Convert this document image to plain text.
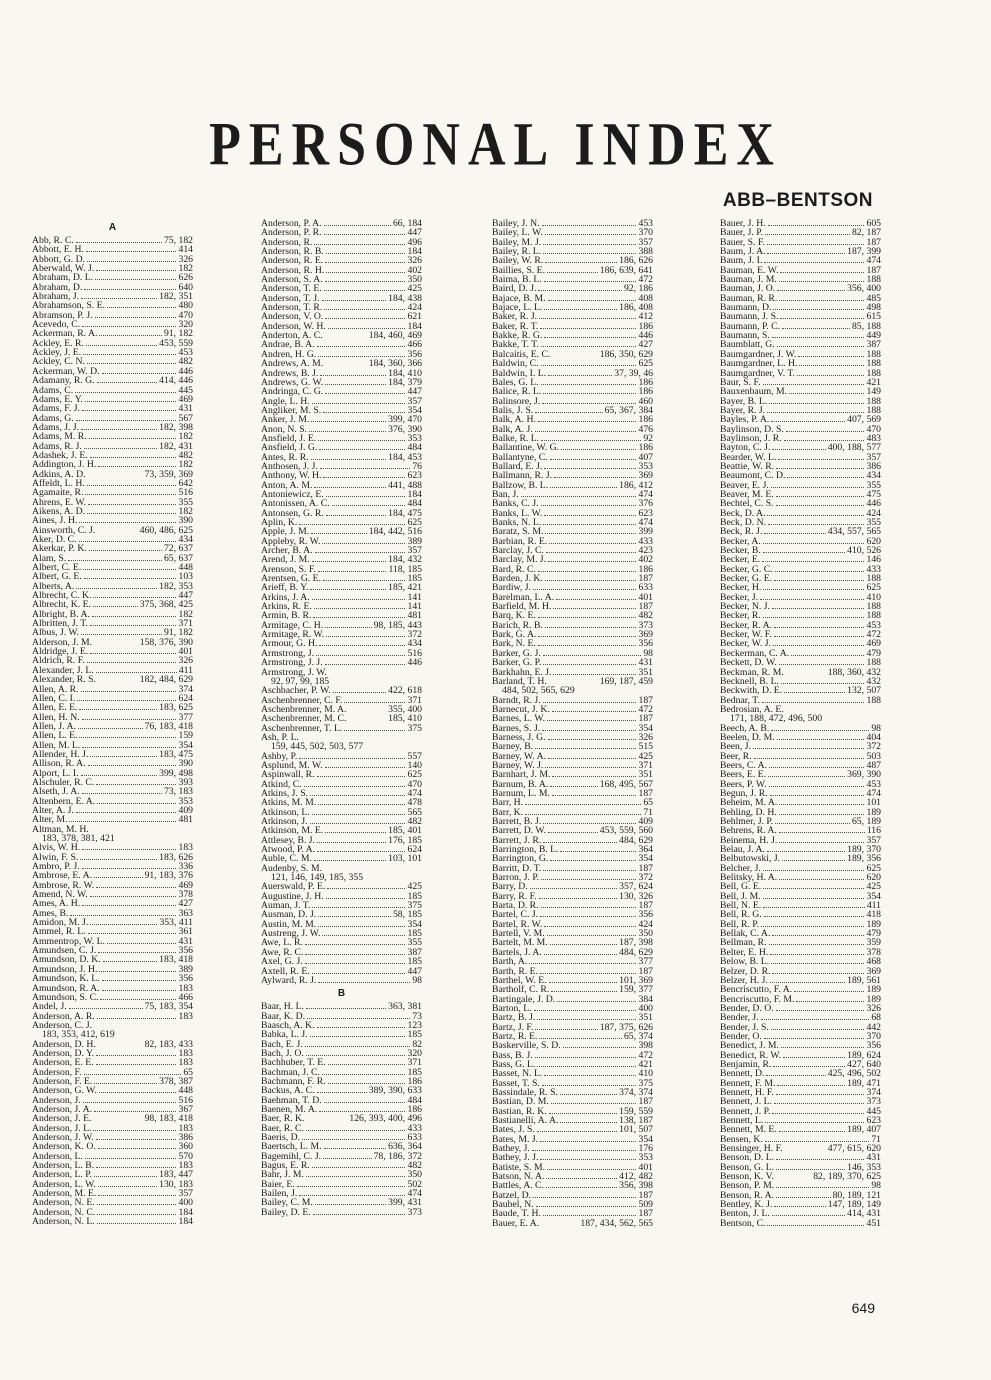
PERSONAL INDEX
ABB–BENTSON
A
Abb, R. C.	75, 182
Abbott, E. H.	414
Abbott, G. D.	326
Aberwald, W. J.	182
Abraham, D. L.	626
Abraham, D.	640
Abraham, J.	182, 351
Abrahamson, S. E.	480
Abramson, P. J.	470
Acevedo, C.	320
Ackerman, R. A.	91, 182
Ackley, E. R.	453, 559
Ackley, J. E.	453
Ackley, C. N.	482
Ackerman, W. D.	446
Adamany, R. G.	414, 446
Adams, C.	445
Adams, E. Y.	469
Adams, F. J.	431
Adams, G.	567
Adams, J. J.	182, 398
Adams, M. R.	182
Adams, R. J.	182, 431
Adashek, J. E.	482
Addington, J. H.	182
Adkins, A. D.	73, 359, 369
Affeldt, L. H.	642
Agamaite, R.	516
Ahrens, E. W.	355
Aikens, A. D.	182
Aines, J. H.	390
Ainsworth, C. J.	460, 486, 625
Aker, D. C.	434
Akerkar, P. K.	72, 637
Alam, S.	65, 637
Albert, C. E.	448
Albert, G. E.	103
Alberts, A.	182, 353
Albrecht, C. K.	447
Albrecht, K. E.	375, 368, 425
Albright, B. A.	182
Albritten, J. T.	371
Albus, J. W.	91, 182
Alderson, J. M.	158, 376, 390
Aldridge, J. E.	401
Aldrich, R. F.	326
Alexander, J. L.	411
Alexander, R. S.	182, 484, 629
Allen, A. R.	374
Allen, C. I.	624
Allen, E. E.	183, 625
Allen, H. N.	377
Allen, J. A.	76, 183, 418
Allen, L. E.	159
Allen, M. L.	354
Allender, H. J.	183, 475
Allison, R. A.	390
Alport, L. I.	399, 498
Alschuler, R. C.	393
Alseth, J. A.	73, 183
Altenbern, E. A.	353
Alter, A. J.	409
Alter, M.	481
Altman, M. H.
183, 378, 381, 421
Alvis, W. H.	183
Alwin, F. S.	183, 626
Ambro, P. J.	336
Ambrose, E. A.	91, 183, 376
Ambrose, R. W.	469
Amend, N. W.	378
Ames, A. H.	427
Ames, B.	363
Amidon, M. J.	353, 411
Ammel, R. L.	361
Ammentrop, W. L.	431
Amundsen, C. J.	356
Amundson, D. K.	183, 418
Amundson, J. H.	389
Amundson, K. L.	356
Amundson, R. A.	183
Amundson, S. C.	466
Andel, J.	75, 183, 354
Anderson, A. R.	183
Anderson, C. J.
183, 353, 412, 619
Anderson, D. H.	82, 183, 433
Anderson, D. Y.	183
Anderson, E. E.	183
Anderson, F.	65
Anderson, F. E.	378, 387
Anderson, G. W.	448
Anderson, J.	516
Anderson, J. A.	367
Anderson, J. E.	98, 183, 418
Anderson, J. L.	183
Anderson, J. W.	386
Anderson, K. O.	360
Anderson, L.	570
Anderson, L. B.	183
Anderson, L. P.	183, 447
Anderson, L. W.	130, 183
Anderson, M. E.	357
Anderson, N. E.	400
Anderson, N. C.	184
Anderson, N. L.	184
Anderson, P. A.	66, 184
Anderson, P. R.	447
Anderson, R.	496
Anderson, R. B.	184
Anderson, R. E.	326
Anderson, R. H.	402
Anderson, S. A.	350
Anderson, T. E.	425
Anderson, T. J.	184, 438
Anderson, T. R.	424
Anderson, V. O.	621
Anderson, W. H.	184
Anderton, A. C.	184, 460, 469
Andrae, B. A.	466
Andren, H. G.	356
Andrews, A. M.	184, 360, 366
Andrews, B. J.	184, 410
Andrews, G. W.	184, 379
Andringa, C. G.	447
Angle, L. H.	357
Angliker, M. S.	354
Anker, J. M.	399, 470
Anon, N. S.	376, 390
Ansfield, J. E.	353
Ansfield, J. G.	484
Antes, R. R.	184, 453
Anthosen, J. J.	76
Anthony, W. H.	623
Anton, A. M.	441, 488
Antoniewicz, E.	184
Antonissen, A. C.	484
Antonsen, G. R.	184, 475
Aplin, K.	625
Apple, J. M.	184, 442, 516
Appleby, R. W.	389
Archer, B. A.	357
Arend, J. M.	184, 432
Arenson, S. F.	118, 185
Arentsen, G. E.	185
Arieff, B. Y.	185, 421
Arkins, J. A.	141
Arkins, R. E.	141
Armin, B. R.	481
Armitage, C. H.	98, 185, 443
Armitage, R. W.	372
Armour, G. H.	434
Armstrong, J.	516
Armstrong, J. J.	446
Armstrong, J. W.
92, 97, 99, 185
Aschbacher, P. W.	422, 618
Aschenbrenner, C. F.	371
Aschenbrenner, M. A.	355, 400
Aschenbrenner, M. C.	185, 410
Aschenbrenner, T. L.	375
Ash, P. L.
159, 445, 502, 503, 577
Ashby, P.	557
Asplund, M. W.	140
Aspinwall, R.	625
Atkind, C.	470
Atkins, J. S.	474
Atkins, M. M.	478
Atkinson, L.	565
Atkinson, J.	482
Atkinson, M. E.	185, 401
Attlesey, B. J.	176, 185
Atwood, P. A.	624
Auble, C. M.	103, 101
Audenby, S. M.
121, 146, 149, 185, 355
Auerswald, P. E.	425
Augustine, J. H.	185
Auman, J. T.	375
Ausman, D. J.	58, 185
Austin, M. M.	354
Austreng, J. W.	185
Awe, L. R.	355
Awe, R. C.	387
Axel, G. J.	185
Axtell, R. E.	447
Aylward, R. J.	98
B
Baar, H. L.	363, 381
Baar, K. D.	73
Baasch, A. K.	123
Babka, L. J.	185
Bach, E. J.	82
Bach, J. O.	320
Bachhuber, T. E.	371
Bachman, J. C.	185
Bachmann, F. R.	186
Backus, A. C.	389, 390, 633
Baehman, T. D.	484
Baenen, M. A.	186
Baer, R. K.	126, 393, 400, 496
Baer, R. C.	433
Baeris, D.	633
Baertsch, L. M.	636, 364
Bagemihl, C. J.	78, 186, 372
Bagus, E. R.	482
Bahr, J. M.	350
Baier, E.	502
Bailen, J.	474
Bailey, C. M.	399, 431
Bailey, D. E.	373
Bailey, J. N.	453
Bailey, L. W.	370
Bailey, M. J.	357
Bailey, R. L.	388
Bailey, W. R.	186, 626
Baillies, S. E.	186, 639, 641
Baima, B. L.	472
Baird, D. J.	92, 186
Bajace, B. M.	408
Bajace, L. L.	186, 408
Baker, R. J.	412
Baker, R. T.	186
Bakke, R. G.	446
Bakke, T. T.	427
Balcaitis, E. C.	186, 350, 629
Baldwin, C.	625
Baldwin, I. L.	37, 39, 46
Bales, G. L.	186
Balice, R. L.	186
Balinsore, J.	460
Balis, J. S.	65, 367, 384
Balk, A. H.	186
Balk, A. J.	476
Balke, R. L.	92
Ballantine, W. G.	186
Ballantyne, C.	407
Ballard, E. J.	353
Ballmann, R. J.	369
Ballzow, B. L.	186, 412
Ban, J.	474
Banks, C. J.	376
Banks, L. W.	623
Banks, N. L.	474
Baratz, S. M.	399
Barbian, R. E.	433
Barclay, J. C.	423
Barclay, M. J.	402
Bard, R. C.	186
Barden, J. K.	187
Bardiw, J.	633
Barelman, L. A.	401
Barfield, M. H.	187
Barq, K. E.	482
Barich, R. B.	373
Bark, G. A.	369
Bark, N. E.	356
Barker, G. J.	98
Barker, G. P.	431
Barkhahn, E. J.	351
Barland, T. H.	169, 187, 459
484, 502, 565, 629
Barndt, R. J.	187
Barnecut, J. K.	472
Barnes, L. W.	187
Barnes, S. J.	354
Barness, J. G.	326
Barney, B.	515
Barney, W. A.	425
Barney, W. J.	371
Barnhart, J. M.	351
Barnum, B. A.	168, 495, 567
Barnum, L. M.	187
Barr, H.	65
Barr, K.	71
Barrett, B. J.	409
Barrett, D. W.	453, 559, 560
Barrett, J. R.	484, 629
Barrington, B. L.	364
Barrington, G.	354
Barritt, D. T.	187
Barron, J. P.	372
Barry, D.	357, 624
Barry, R. F.	130, 326
Barta, D. R.	187
Bartel, C. J.	356
Bartel, R. W.	424
Bartell, V. M.	350
Bartelt, M. M.	187, 398
Bartels, J. A.	484, 629
Barth, A.	377
Barth, R. E.	187
Barthel, W. E.	101, 369
Bartholf, C. R.	159, 377
Bartingale, J. D.	384
Barton, L.	400
Bartz, B. J.	351
Bartz, J. F.	187, 375, 626
Bartz, R. E.	65, 374
Baskerville, S. D.	398
Bass, B. J.	472
Bass, G. L.	421
Basset, N. L.	410
Basset, T. S.	375
Bassindale, R. S.	374, 374
Bastian, D. M.	187
Bastian, R. K.	159, 559
Bastianelli, A. A.	138, 187
Bates, J. S.	101, 507
Bates, M. J.	354
Bathey, J.	176
Bathey, J. J.	353
Batiste, S. M.	401
Batson, N. A.	412, 482
Battles, A. C.	356, 398
Batzel, D.	187
Baubel, N.	509
Baude, T. H.	187
Bauer, E. A.	187, 434, 562, 565
Bauer, J. H.	605
Bauer, J. P.	82, 187
Bauer, S. F.	187
Baum, J. A.	187, 399
Baum, J. I.	474
Bauman, E. W.	187
Bauman, J. M.	188
Bauman, J. O.	356, 400
Bauman, R. R.	485
Baumann, D.	498
Baumann, J. S.	615
Baumann, P. C.	85, 188
Baumann, S.	449
Baumblatt, G.	387
Baumgardner, J. W.	188
Baumgardner, L. H.	188
Baumgardner, V. T.	188
Baur, S. F.	421
Bauxenbaum, M.	149
Bayer, B. L.	188
Bayer, R. J.	188
Bayles, P. A.	407, 569
Baylinson, D. S.	470
Baylinson, J. R.	483
Bayton, C. J.	400, 188, 577
Bearder, W. L.	357
Beattie, W. R.	386
Beaumont, C. D.	434
Beaver, E. J.	355
Beaver, M. E.	475
Bechtel, C. S.	446
Beck, D. A.	424
Beck, D. N.	355
Beck, R. J.	434, 557, 565
Becker, A.	620
Becker, B.	410, 526
Becker, E.	146
Becker, G. C.	433
Becker, G. E.	188
Becker, H.	625
Becker, J.	410
Becker, N. J.	188
Becker, R.	188
Becker, R. A.	453
Becker, W. F.	472
Becker, W. J.	469
Beckerman, C. A.	479
Beckett, D. W.	188
Beckman, R. M.	188, 360, 432
Becknell, B. L.	432
Beckwith, D. E.	132, 507
Bednar, T.	188
Bedrosian, A. E.
171, 188, 472, 496, 500
Beech, A. B.	98
Beelen, D. M.	404
Been, J.	372
Beer, R.	503
Beers, C. A.	487
Beers, E. E.	369, 390
Beers, P. W.	453
Begun, J. R.	474
Beheim, M. A.	101
Behling, D. H.	189
Behlmer, J. P.	65, 189
Behrens, R. A.	116
Beinema, H. J.	357
Belau, J. A.	189, 370
Belbutowski, J.	189, 356
Belcher, J.	625
Belitsky, H. A.	620
Bell, G. E.	425
Bell, J. M.	354
Bell, N. E.	411
Bell, R. G.	418
Bell, R. P.	189
Bellak, C. A.	479
Bellman, R.	359
Belter, E. H.	378
Below, B. L.	468
Belzer, D. R.	369
Belzer, H. J.	189, 561
Bencriscutto, F. A.	189
Bencriscutto, F. M.	189
Bender, D. O.	326
Bender, J.	68
Bender, J. S.	442
Bender, O.	370
Benedict, J. M.	356
Benedict, R. W.	189, 624
Benjamin, R.	427, 640
Bennett, D.	425, 496, 502
Bennett, F. M.	189, 471
Bennett, H. F.	374
Bennett, J. L.	373
Bennett, J. P.	445
Bennett, L.	623
Bennett, M. E.	189, 407
Bensen, K.	71
Bensinger, H. F.	477, 615, 620
Benson, D. L.	431
Benson, G. L.	146, 353
Benson, K. V.	82, 189, 370, 625
Benson, P. M.	98
Benson, R. A.	80, 189, 121
Bentley, K. J.	147, 189, 149
Benton, J. L.	414, 431
Bentson, C.	451
649
